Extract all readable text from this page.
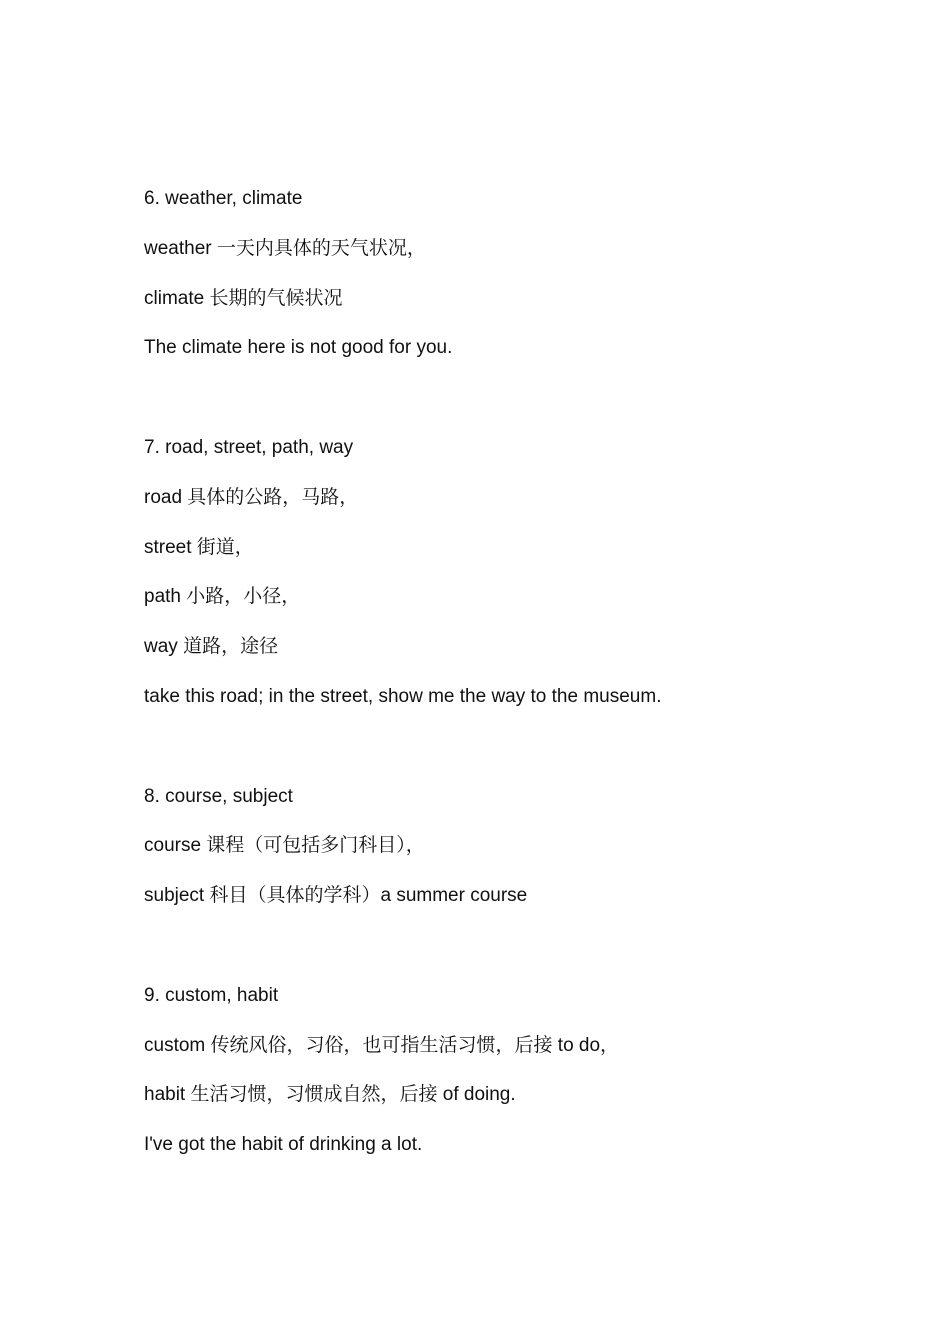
6. weather, climate
weather 一天内具体的天气状况，
climate 长期的气候状况
The climate here is not good for you.
7. road, street, path, way
road 具体的公路，马路，
street 街道，
path 小路，小径，
way 道路，途径
take this road; in the street, show me the way to the museum.
8. course, subject
course 课程（可包括多门科目），
subject 科目（具体的学科）a summer course
9. custom, habit
custom 传统风俗，习俗，也可指生活习惯，后接 to do，
habit 生活习惯，习惯成自然，后接 of doing.
I've got the habit of drinking a lot.
